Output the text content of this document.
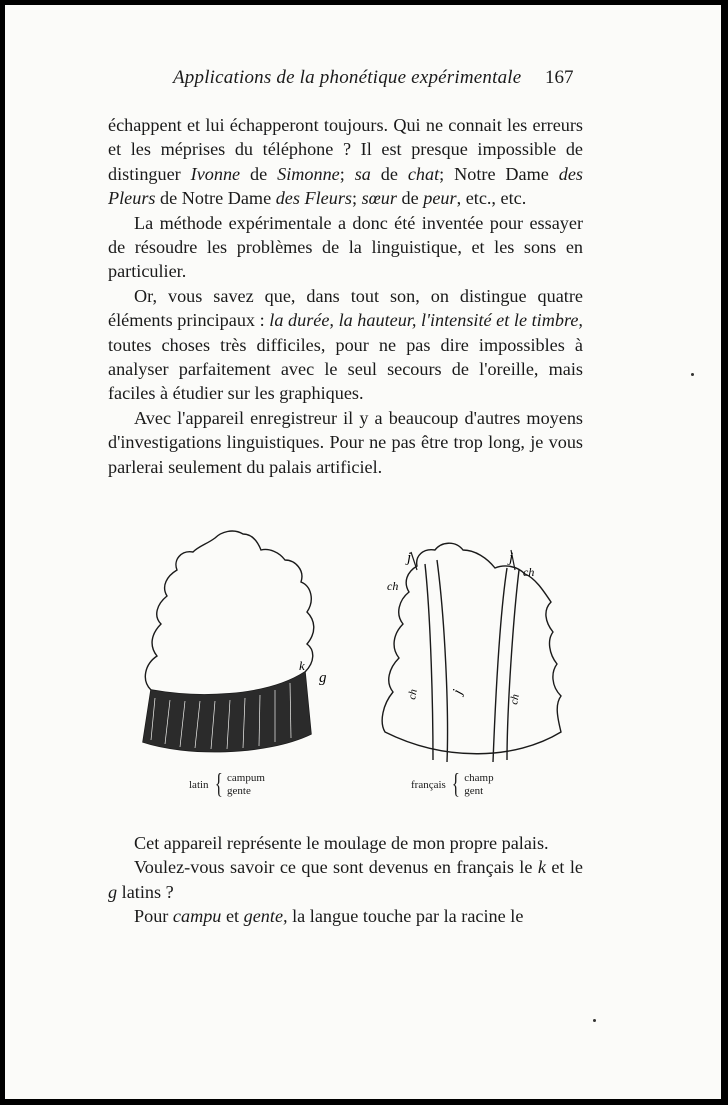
Applications de la phonétique expérimentale 167

échappent et lui échapperont toujours. Qui ne connait les erreurs et les méprises du téléphone ? Il est presque impossible de distinguer Ivonne de Simonne; sa de chat; Notre Dame des Pleurs de Notre Dame des Fleurs; sœur de peur, etc., etc.

La méthode expérimentale a donc été inventée pour essayer de résoudre les problèmes de la linguistique, et les sons en particulier.

Or, vous savez que, dans tout son, on distingue quatre éléments principaux : la durée, la hauteur, l'intensité et le timbre, toutes choses très difficiles, pour ne pas dire impossibles à analyser parfaitement avec le seul secours de l'oreille, mais faciles à étudier sur les graphiques.

Avec l'appareil enregistreur il y a beaucoup d'autres moyens d'investigations linguistiques. Pour ne pas être trop long, je vous parlerai seulement du palais artificiel.

k
g
j
ch
j
ch
ch j
ch
latin { campum
gente
français { champ
gent

Cet appareil représente le moulage de mon propre palais.

Voulez-vous savoir ce que sont devenus en français le k et le g latins ?

Pour campu et gente, la langue touche par la racine le
